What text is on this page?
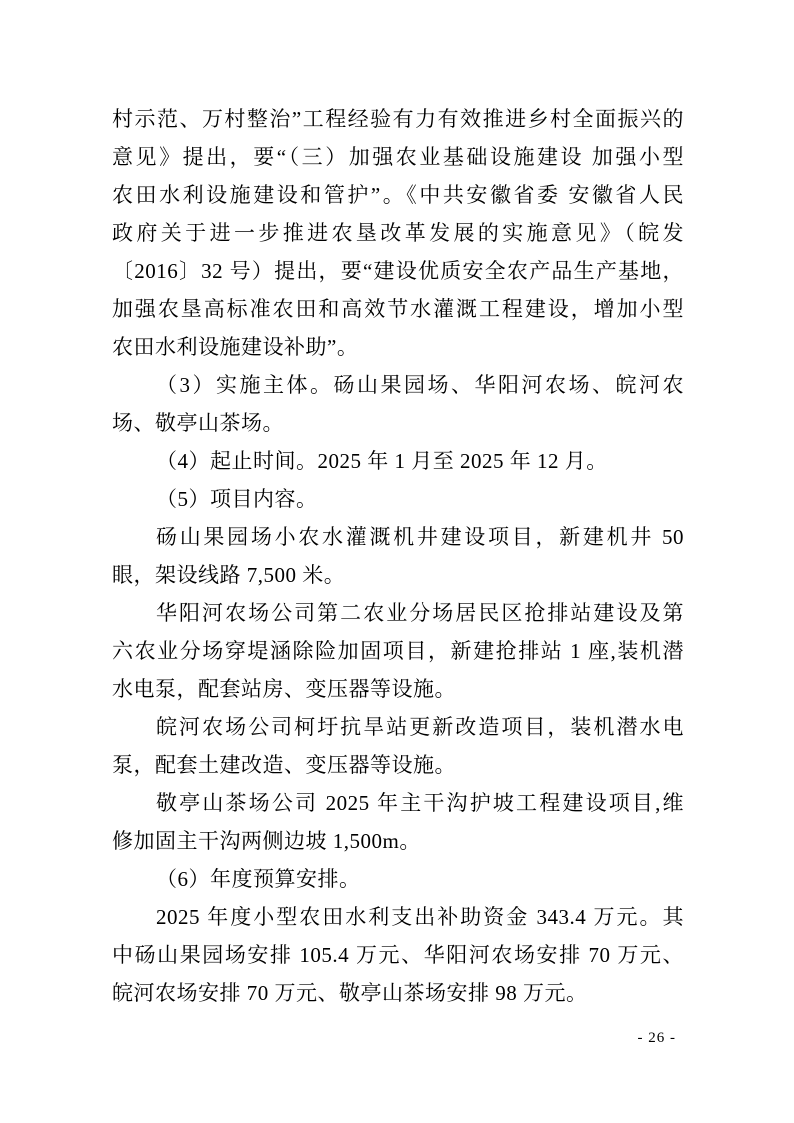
村示范、万村整治”工程经验有力有效推进乡村全面振兴的
意见》提出，要“（三）加强农业基础设施建设 加强小型
农田水利设施建设和管护”。《中共安徽省委 安徽省人民
政府关于进一步推进农垦改革发展的实施意见》（皖发
〔2016〕32 号）提出，要“建设优质安全农产品生产基地，
加强农垦高标准农田和高效节水灌溉工程建设，增加小型
农田水利设施建设补助”。
（3）实施主体。砀山果园场、华阳河农场、皖河农
场、敬亭山茶场。
（4）起止时间。2025 年 1 月至 2025 年 12 月。
（5）项目内容。
砀山果园场小农水灌溉机井建设项目，新建机井 50
眼，架设线路 7,500 米。
华阳河农场公司第二农业分场居民区抢排站建设及第
六农业分场穿堤涵除险加固项目，新建抢排站 1 座,装机潜
水电泵，配套站房、变压器等设施。
皖河农场公司柯圩抗旱站更新改造项目，装机潜水电
泵，配套土建改造、变压器等设施。
敬亭山茶场公司 2025 年主干沟护坡工程建设项目,维
修加固主干沟两侧边坡 1,500m。
（6）年度预算安排。
2025 年度小型农田水利支出补助资金 343.4 万元。其
中砀山果园场安排 105.4 万元、华阳河农场安排 70 万元、
皖河农场安排 70 万元、敬亭山茶场安排 98 万元。
- 26 -
